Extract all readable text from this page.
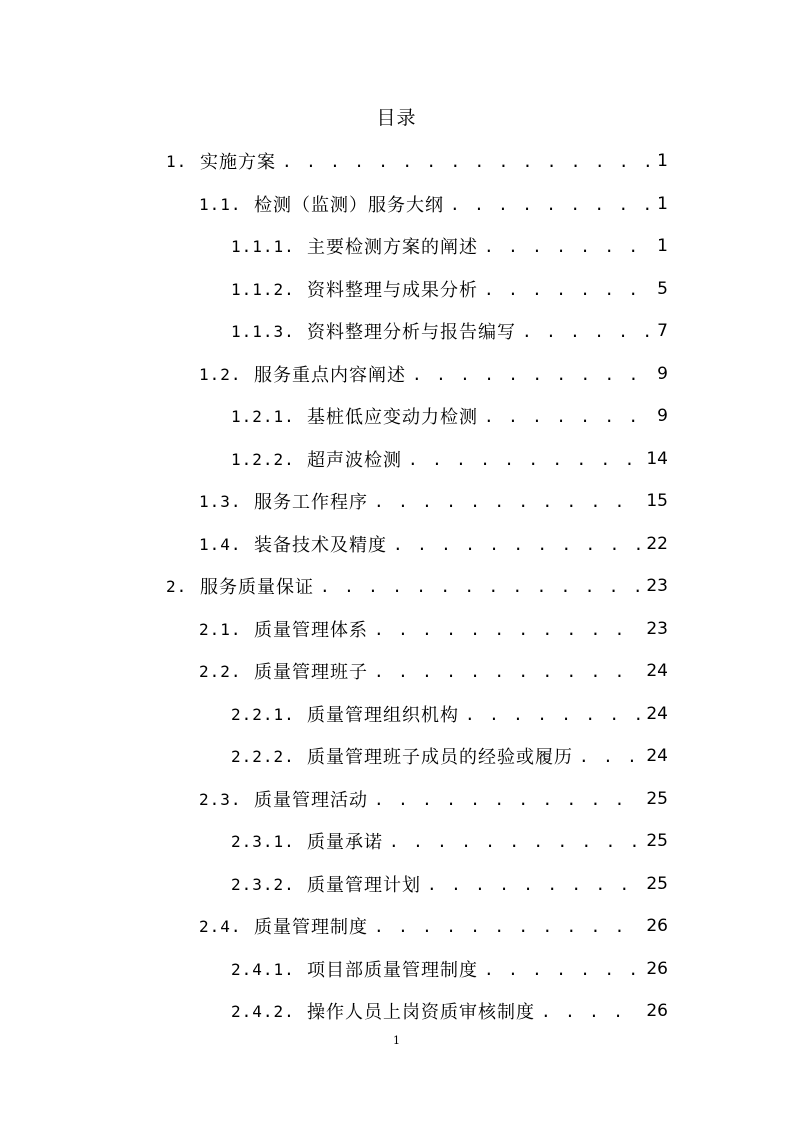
目录
1. 实施方案 . . .	1
1.1. 检测（监测）服务大纲 . . .	1
1.1.1. 主要检测方案的阐述 . . .	1
1.1.2. 资料整理与成果分析 . . .	5
1.1.3. 资料整理分析与报告编写 . . .	7
1.2. 服务重点内容阐述 . . .	9
1.2.1. 基桩低应变动力检测 . . .	9
1.2.2. 超声波检测 . . .	14
1.3. 服务工作程序 . . .	15
1.4. 装备技术及精度 . . .	22
2. 服务质量保证 . . .	23
2.1. 质量管理体系 . . .	23
2.2. 质量管理班子 . . .	24
2.2.1. 质量管理组织机构 . . .	24
2.2.2. 质量管理班子成员的经验或履历 . . .	24
2.3. 质量管理活动 . . .	25
2.3.1. 质量承诺 . . .	25
2.3.2. 质量管理计划 . . .	25
2.4. 质量管理制度 . . .	26
2.4.1. 项目部质量管理制度 . . .	26
2.4.2. 操作人员上岗资质审核制度 . . .	26
1
